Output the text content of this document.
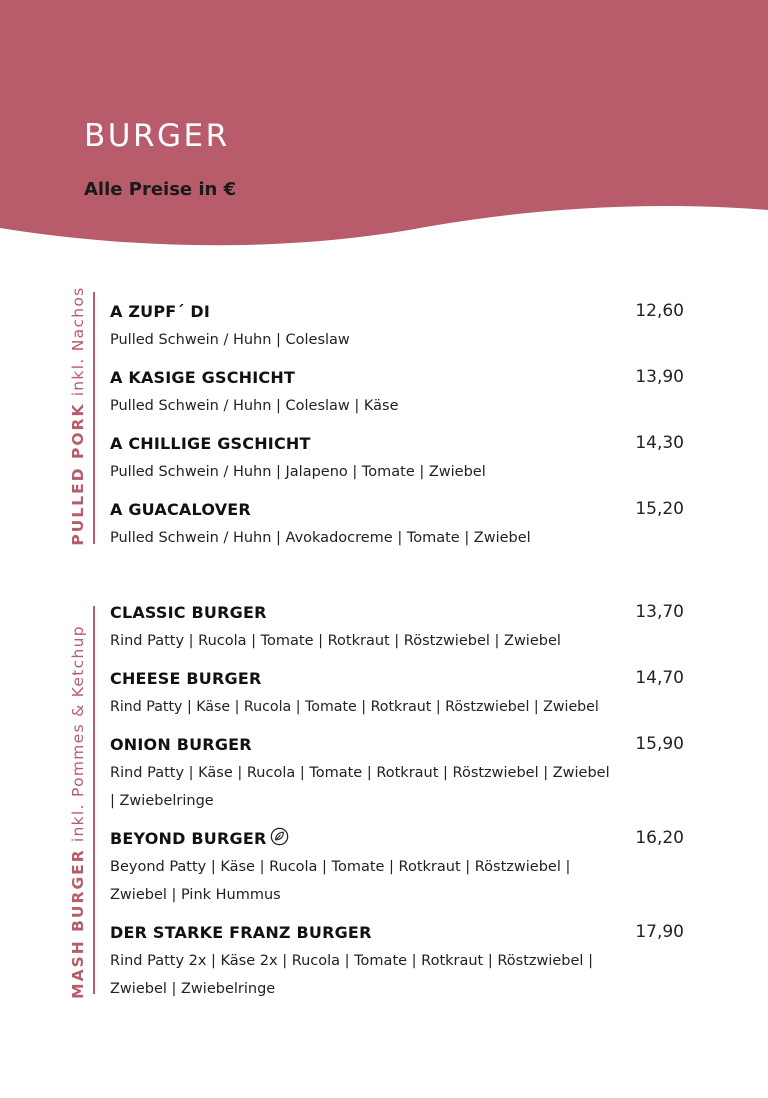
BURGER
Alle Preise in €
PULLED PORK inkl. Nachos A ZUPF´ DI	12,60
Pulled Schwein / Huhn | Coleslaw
A KASIGE GSCHICHT	13,90
Pulled Schwein / Huhn | Coleslaw | Käse
A CHILLIGE GSCHICHT	14,30
Pulled Schwein / Huhn | Jalapeno | Tomate | Zwiebel
A GUACALOVER	15,20
Pulled Schwein / Huhn | Avokadocreme | Tomate | Zwiebel
MASH BURGER inkl. Pommes & Ketchup
CLASSIC BURGER	13,70
Rind Patty | Rucola | Tomate | Rotkraut | Röstzwiebel | Zwiebel
CHEESE BURGER	14,70
Rind Patty | Käse | Rucola | Tomate | Rotkraut | Röstzwiebel | Zwiebel
ONION BURGER	15,90
Rind Patty | Käse | Rucola | Tomate | Rotkraut | Röstzwiebel | Zwiebel | Zwiebelringe
BEYOND BURGER	16,20
Beyond Patty | Käse | Rucola | Tomate | Rotkraut | Röstzwiebel | Zwiebel | Pink Hummus
DER STARKE FRANZ BURGER	17,90
Rind Patty 2x | Käse 2x | Rucola | Tomate | Rotkraut | Röstzwiebel | Zwiebel | Zwiebelringe
